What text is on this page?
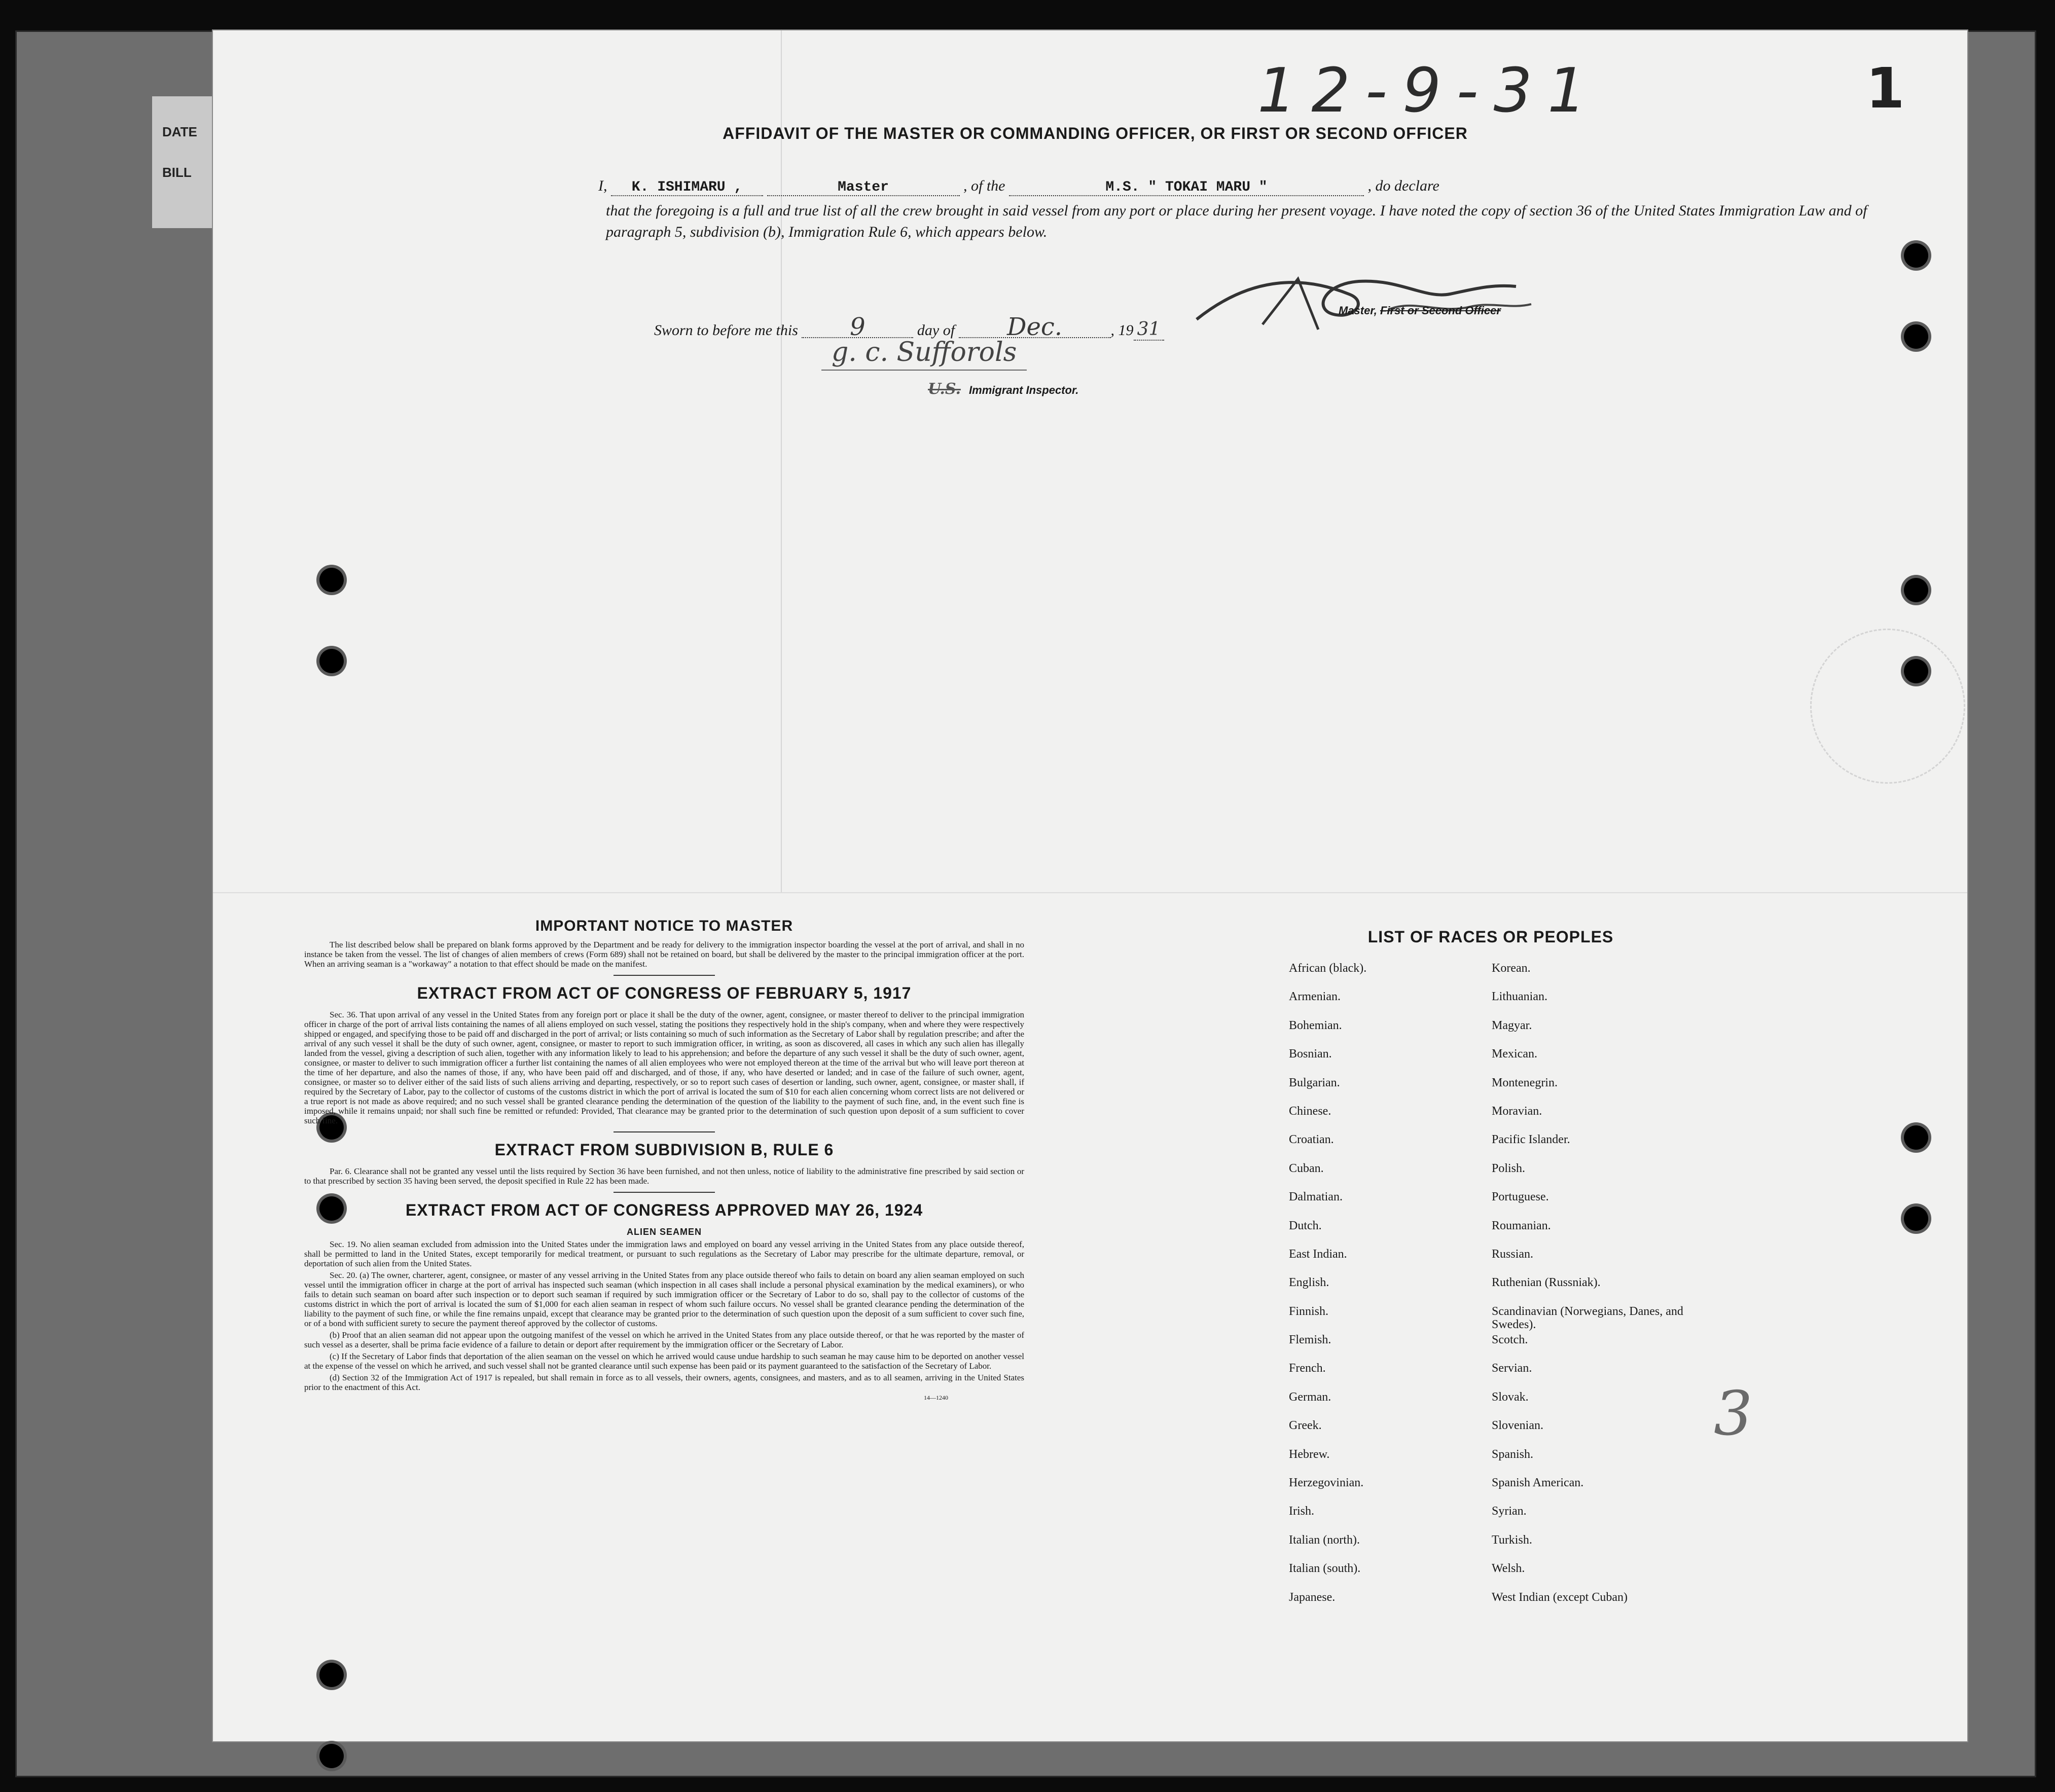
DATE
BILL
12-9-31	1
AFFIDAVIT OF THE MASTER OR COMMANDING OFFICER, OR FIRST OR SECOND OFFICER
I, K. ISHIMARU ,	Master	, of the	M.S. " TOKAI MARU "	, do declare

that the foregoing is a full and true list of all the crew brought in said vessel from any port or place during her present voyage. I have noted the copy of section 36 of the United States Immigration Law and of paragraph 5, subdivision (b), Immigration Rule 6, which appears below.

Master, First or Second Officer
Sworn to before me this 9	day of Dec.	, 19 31
g. c. Sufforols
U.S. Immigrant Inspector.
IMPORTANT NOTICE TO MASTER

The list described below shall be prepared on blank forms approved by the Department and be ready for delivery to the immigration inspector boarding the vessel at the port of arrival, and shall in no instance be taken from the vessel. The list of changes of alien members of crews (Form 689) shall not be retained on board, but shall be delivered by the master to the principal immigration officer at the port. When an arriving seaman is a "workaway" a notation to that effect should be made on the manifest.

EXTRACT FROM ACT OF CONGRESS OF FEBRUARY 5, 1917

Sec. 36. That upon arrival of any vessel in the United States from any foreign port or place it shall be the duty of the owner, agent, consignee, or master thereof to deliver to the principal immigration officer in charge of the port of arrival lists containing the names of all aliens employed on such vessel, stating the positions they respectively hold in the ship's company, when and where they were respectively shipped or engaged, and specifying those to be paid off and discharged in the port of arrival; or lists containing so much of such information as the Secretary of Labor shall by regulation prescribe; and after the arrival of any such vessel it shall be the duty of such owner, agent, consignee, or master to report to such immigration officer, in writing, as soon as discovered, all cases in which any such alien has illegally landed from the vessel, giving a description of such alien, together with any information likely to lead to his apprehension; and before the departure of any such vessel it shall be the duty of such owner, agent, consignee, or master to deliver to such immigration officer a further list containing the names of all alien employees who were not employed thereon at the time of the arrival but who will leave port thereon at the time of her departure, and also the names of those, if any, who have been paid off and discharged, and of those, if any, who have deserted or landed; and in case of the failure of such owner, agent, consignee, or master so to deliver either of the said lists of such aliens arriving and departing, respectively, or so to report such cases of desertion or landing, such owner, agent, consignee, or master shall, if required by the Secretary of Labor, pay to the collector of customs of the customs district in which the port of arrival is located the sum of $10 for each alien concerning whom correct lists are not delivered or a true report is not made as above required; and no such vessel shall be granted clearance pending the determination of the question of the liability to the payment of such fine, and, in the event such fine is imposed, while it remains unpaid; nor shall such fine be remitted or refunded: Provided, That clearance may be granted prior to the determination of such question upon deposit of a sum sufficient to cover such fine.

EXTRACT FROM SUBDIVISION B, RULE 6

Par. 6. Clearance shall not be granted any vessel until the lists required by Section 36 have been furnished, and not then unless, notice of liability to the administrative fine prescribed by said section or to that prescribed by section 35 having been served, the deposit specified in Rule 22 has been made.

EXTRACT FROM ACT OF CONGRESS APPROVED MAY 26, 1924
ALIEN SEAMEN

Sec. 19. No alien seaman excluded from admission into the United States under the immigration laws and employed on board any vessel arriving in the United States from any place outside thereof, shall be permitted to land in the United States, except temporarily for medical treatment, or pursuant to such regulations as the Secretary of Labor may prescribe for the ultimate departure, removal, or deportation of such alien from the United States.

Sec. 20. (a) The owner, charterer, agent, consignee, or master of any vessel arriving in the United States from any place outside thereof who fails to detain on board any alien seaman employed on such vessel until the immigration officer in charge at the port of arrival has inspected such seaman (which inspection in all cases shall include a personal physical examination by the medical examiners), or who fails to detain such seaman on board after such inspection or to deport such seaman if required by such immigration officer or the Secretary of Labor to do so, shall pay to the collector of customs of the customs district in which the port of arrival is located the sum of $1,000 for each alien seaman in respect of whom such failure occurs. No vessel shall be granted clearance pending the determination of the liability to the payment of such fine, or while the fine remains unpaid, except that clearance may be granted prior to the determination of such question upon the deposit of a sum sufficient to cover such fine, or of a bond with sufficient surety to secure the payment thereof approved by the collector of customs.

(b) Proof that an alien seaman did not appear upon the outgoing manifest of the vessel on which he arrived in the United States from any place outside thereof, or that he was reported by the master of such vessel as a deserter, shall be prima facie evidence of a failure to detain or deport after requirement by the immigration officer or the Secretary of Labor.

(c) If the Secretary of Labor finds that deportation of the alien seaman on the vessel on which he arrived would cause undue hardship to such seaman he may cause him to be deported on another vessel at the expense of the vessel on which he arrived, and such vessel shall not be granted clearance until such expense has been paid or its payment guaranteed to the satisfaction of the Secretary of Labor.

(d) Section 32 of the Immigration Act of 1917 is repealed, but shall remain in force as to all vessels, their owners, agents, consignees, and masters, and as to all seamen, arriving in the United States prior to the enactment of this Act.

14—1240
LIST OF RACES OR PEOPLES
African (black).	Korean.
Armenian.	Lithuanian.
Bohemian.	Magyar.
Bosnian.	Mexican.
Bulgarian.	Montenegrin.
Chinese.	Moravian.
Croatian.	Pacific Islander.
Cuban.	Polish.
Dalmatian.	Portuguese.
Dutch.	Roumanian.
East Indian.	Russian.
English.	Ruthenian (Russniak).
Finnish.	Scandinavian (Norwegians, Danes, and Swedes).
Flemish.	Scotch.
French.	Servian.
German.	Slovak.
Greek.	Slovenian.
Hebrew.	Spanish.
Herzegovinian.	Spanish American.
Irish.	Syrian.
Italian (north).	Turkish.
Italian (south).	Welsh.
Japanese.	West Indian (except Cuban)
3
